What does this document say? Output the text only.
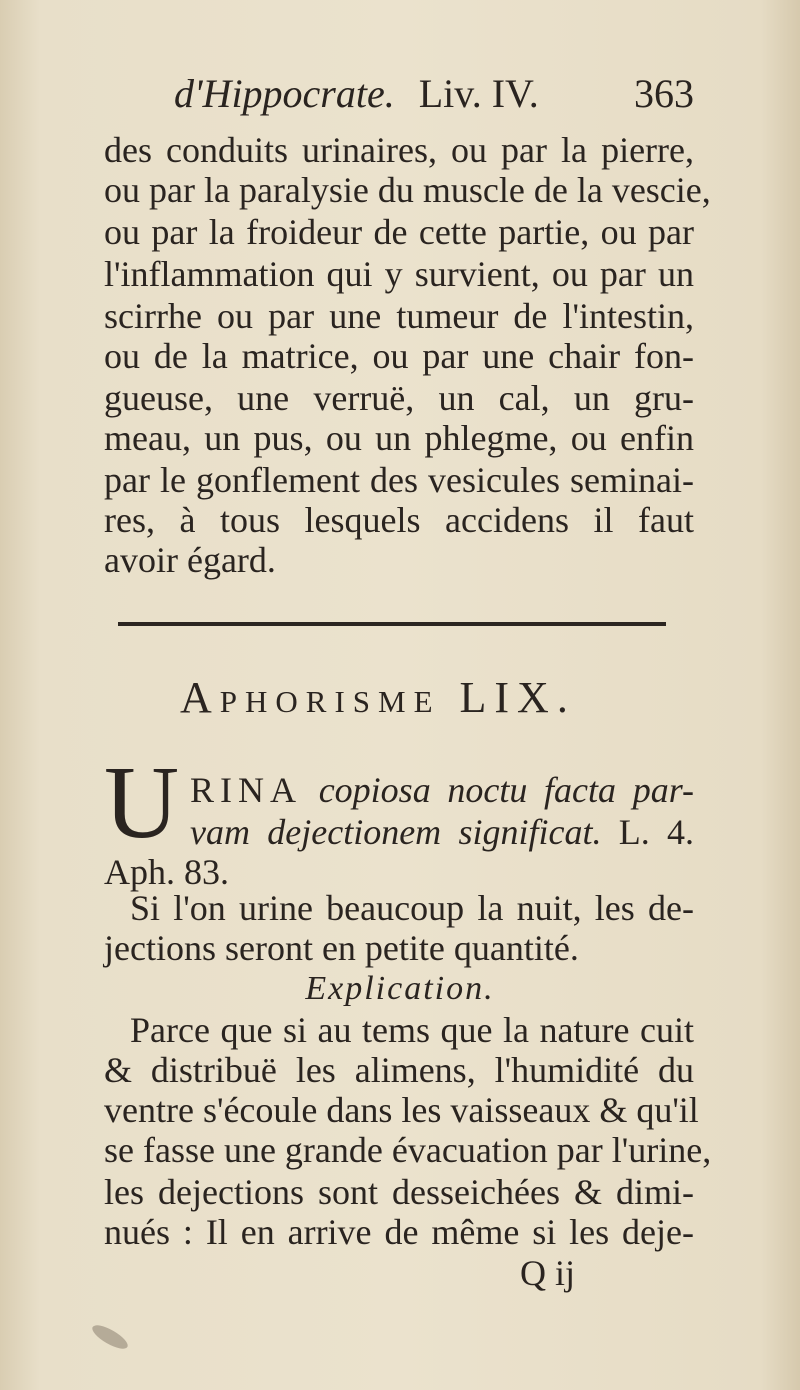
d'Hippocrate. Liv. IV. 363
des conduits urinaires, ou par la pierre,
ou par la paralysie du muscle de la vescie,
ou par la froideur de cette partie, ou par
l'inflammation qui y survient, ou par un
scirrhe ou par une tumeur de l'intestin,
ou de la matrice, ou par une chair fon-
gueuse, une verruë, un cal, un gru-
meau, un pus, ou un phlegme, ou enfin
par le gonflement des vesicules seminai-
res, à tous lesquels accidens il faut
avoir égard.
Aphorisme LIX.
U RINA copiosa noctu facta par-
vam dejectionem significat. L. 4.
Aph. 83.
Si l'on urine beaucoup la nuit, les de-
jections seront en petite quantité.
Explication.
Parce que si au tems que la nature cuit
& distribuë les alimens, l'humidité du
ventre s'écoule dans les vaisseaux & qu'il
se fasse une grande évacuation par l'urine,
les dejections sont desseichées & dimi-
nués : Il en arrive de même si les deje-
Q ij
